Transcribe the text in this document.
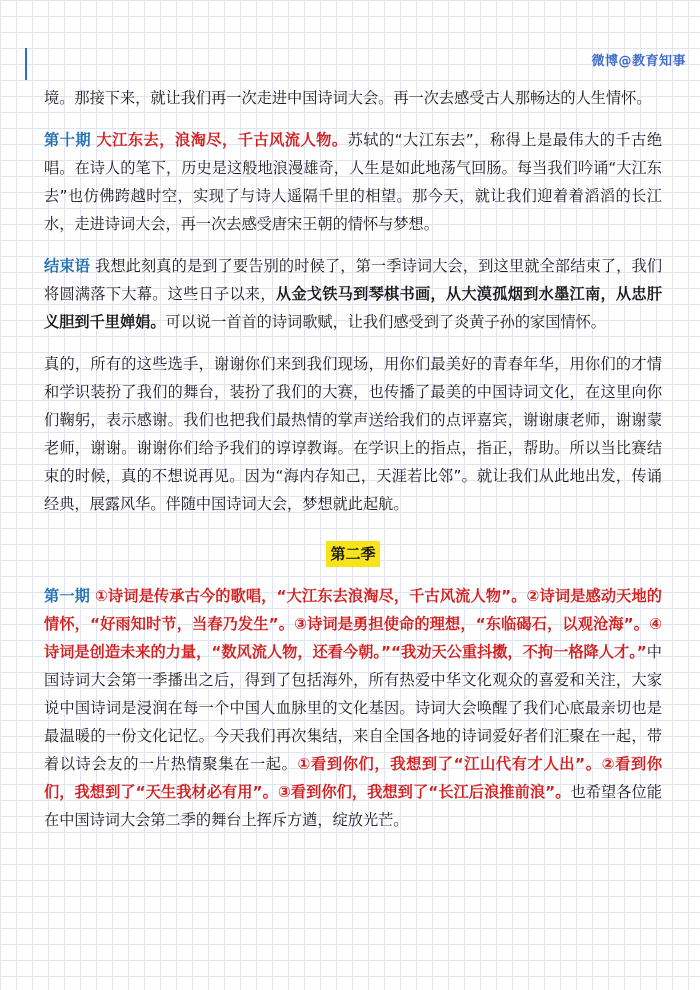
微博@教育知事

境。那接下来，就让我们再一次走进中国诗词大会。再一次去感受古人那畅达的人生情怀。

第十期 大江东去，浪淘尽，千古风流人物。苏轼的“大江东去”，称得上是最伟大的千古绝唱。在诗人的笔下，历史是这般地浪漫雄奇，人生是如此地荡气回肠。每当我们吟诵“大江东去”也仿佛跨越时空，实现了与诗人遥隔千里的相望。那今天，就让我们迎着着滔滔的长江水，走进诗词大会，再一次去感受唐宋王朝的情怀与梦想。

结束语 我想此刻真的是到了要告别的时候了，第一季诗词大会，到这里就全部结束了，我们将圆满落下大幕。这些日子以来，从金戈铁马到琴棋书画，从大漠孤烟到水墨江南，从忠肝义胆到千里婵娟。可以说一首首的诗词歌赋，让我们感受到了炎黄子孙的家国情怀。

真的，所有的这些选手，谢谢你们来到我们现场，用你们最美好的青春年华，用你们的才情和学识装扮了我们的舞台，装扮了我们的大赛，也传播了最美的中国诗词文化，在这里向你们鞠躬，表示感谢。我们也把我们最热情的掌声送给我们的点评嘉宾，谢谢康老师，谢谢蒙老师，谢谢。谢谢你们给予我们的谆谆教诲。在学识上的指点，指正，帮助。所以当比赛结束的时候，真的不想说再见。因为“海内存知己，天涯若比邻”。就让我们从此地出发，传诵经典，展露风华。伴随中国诗词大会，梦想就此起航。

第二季

第一期 ①诗词是传承古今的歌唱，“大江东去浪淘尽，千古风流人物”。②诗词是感动天地的情怀，“好雨知时节，当春乃发生”。③诗词是勇担使命的理想，“东临碣石，以观沧海”。④诗词是创造未来的力量，“数风流人物，还看今朝。”“我劝天公重抖擞，不拘一格降人才。”中国诗词大会第一季播出之后，得到了包括海外，所有热爱中华文化观众的喜爱和关注，大家说中国诗词是浸润在每一个中国人血脉里的文化基因。诗词大会唤醒了我们心底最亲切也是最温暖的一份文化记忆。今天我们再次集结，来自全国各地的诗词爱好者们汇聚在一起，带着以诗会友的一片热情聚集在一起。①看到你们，我想到了“江山代有才人出”。②看到你们，我想到了“天生我材必有用”。③看到你们，我想到了“长江后浪推前浪”。也希望各位能在中国诗词大会第二季的舞台上挥斥方遒，绽放光芒。
